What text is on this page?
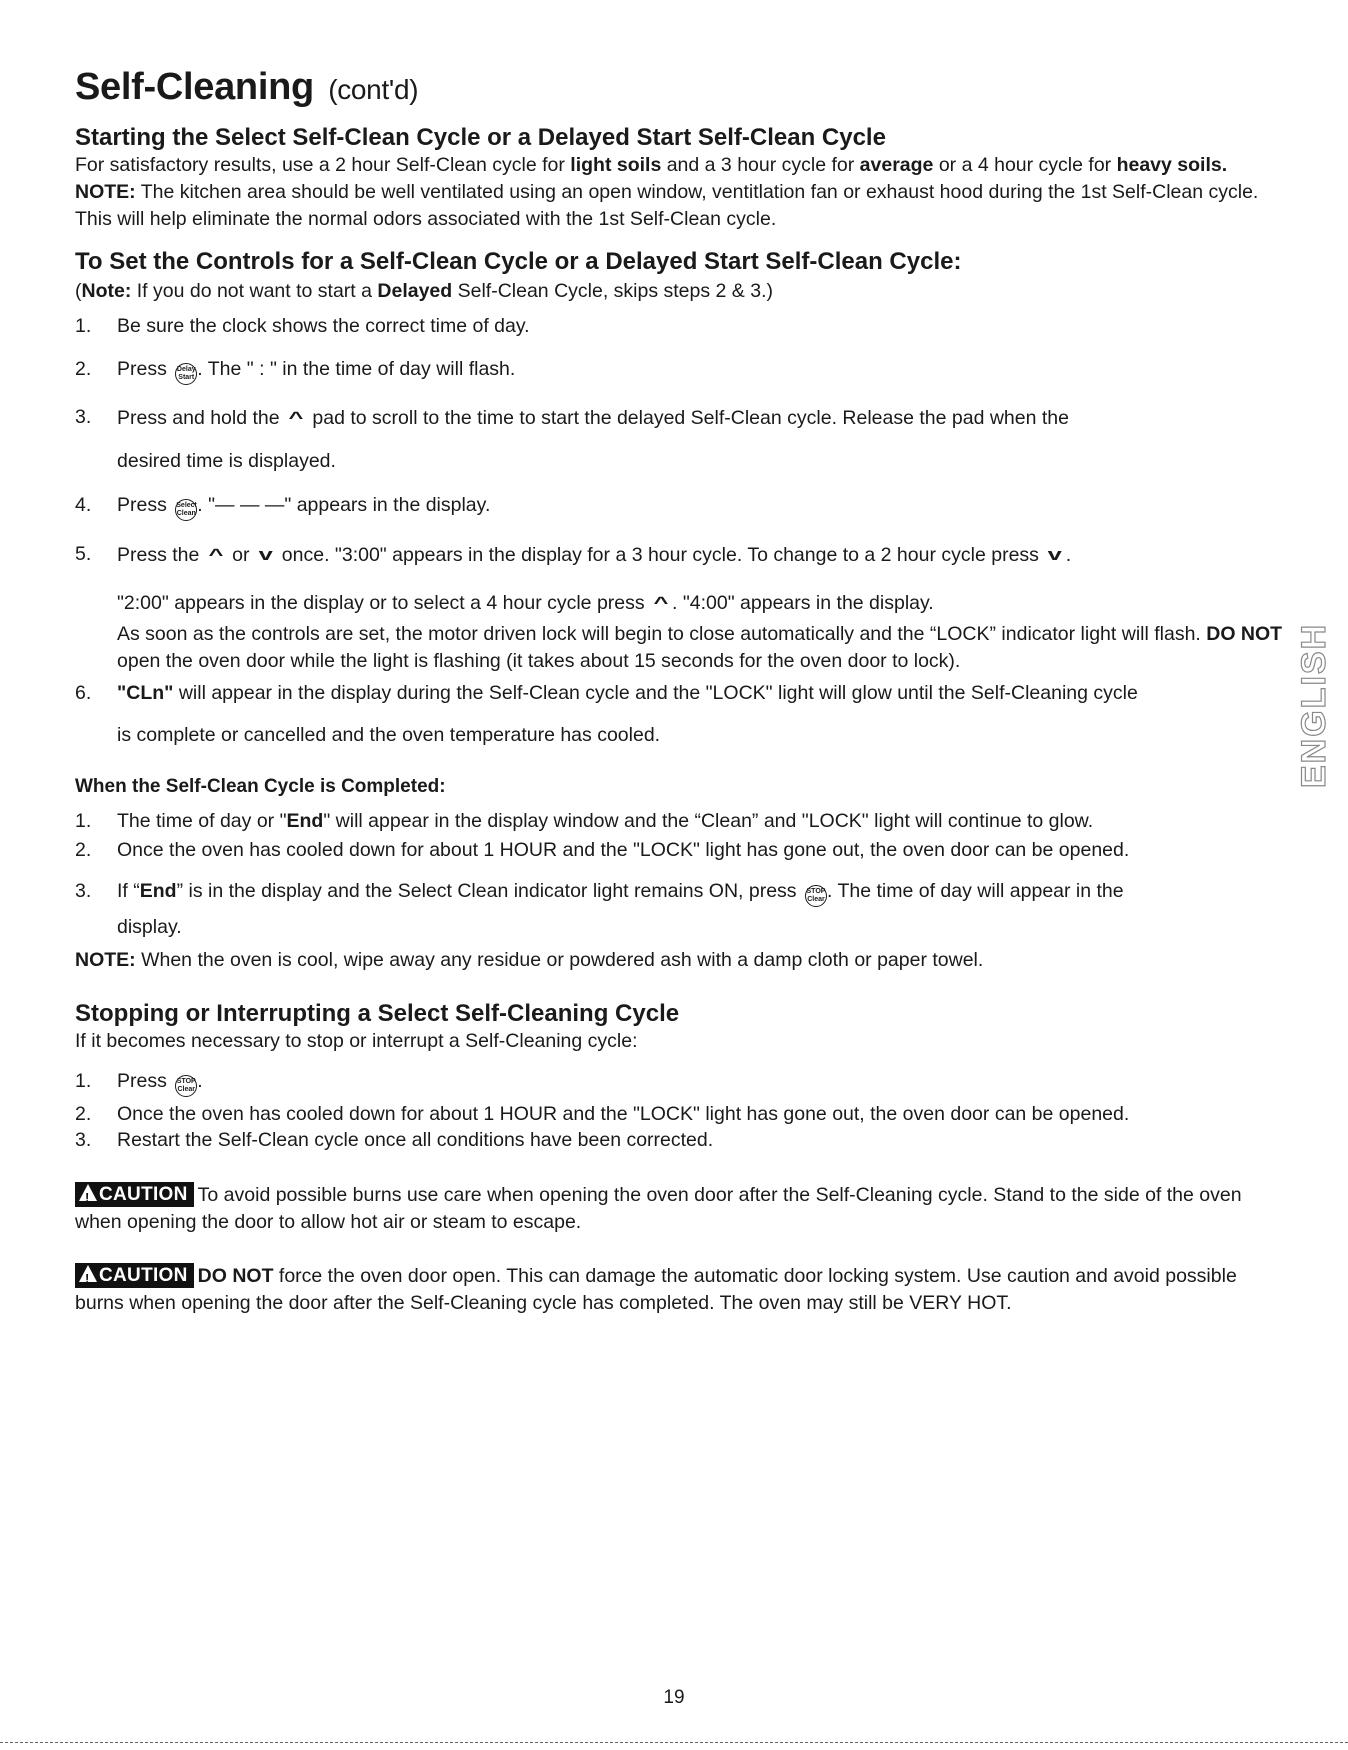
Self-Cleaning (cont'd)
Starting the Select Self-Clean Cycle or a Delayed Start Self-Clean Cycle

For satisfactory results, use a 2 hour Self-Clean cycle for light soils and a 3 hour cycle for average or a 4 hour cycle for heavy soils. NOTE: The kitchen area should be well ventilated using an open window, ventitlation fan or exhaust hood during the 1st Self-Clean cycle. This will help eliminate the normal odors associated with the 1st Self-Clean cycle.

To Set the Controls for a Self-Clean Cycle or a Delayed Start Self-Clean Cycle:

(Note: If you do not want to start a Delayed Self-Clean Cycle, skips steps 2 & 3.)

1. Be sure the clock shows the correct time of day.
2. Press Delay
Start . The " : " in the time of day will flash.
3. Press and hold the ^ pad to scroll to the time to start the delayed Self-Clean cycle. Release the pad when the
desired time is displayed.
4. Press Select
Clean . "— — —" appears in the display.
5. Press the ^ or v once. "3:00" appears in the display for a 3 hour cycle. To change to a 2 hour cycle press v .
"2:00" appears in the display or to select a 4 hour cycle press ^ . "4:00" appears in the display.
As soon as the controls are set, the motor driven lock will begin to close automatically and the “LOCK” indicator light will flash. DO NOT open the oven door while the light is flashing (it takes about 15 seconds for the oven door to lock).
6. "CLn" will appear in the display during the Self-Clean cycle and the "LOCK" light will glow until the Self-Cleaning cycle
is complete or cancelled and the oven temperature has cooled.
When the Self-Clean Cycle is Completed:
1. The time of day or "End" will appear in the display window and the “Clean” and "LOCK" light will continue to glow.
2. Once the oven has cooled down for about 1 HOUR and the "LOCK" light has gone out, the oven door can be opened.
3. If “End” is in the display and the Select Clean indicator light remains ON, press STOP
Clear . The time of day will appear in the
display.

NOTE: When the oven is cool, wipe away any residue or powdered ash with a damp cloth or paper towel.

Stopping or Interrupting a Select Self-Cleaning Cycle

If it becomes necessary to stop or interrupt a Self-Cleaning cycle:

1. Press STOP
Clear .
2. Once the oven has cooled down for about 1 HOUR and the "LOCK" light has gone out, the oven door can be opened.
3. Restart the Self-Clean cycle once all conditions have been corrected.

!CAUTION To avoid possible burns use care when opening the oven door after the Self-Cleaning cycle. Stand to the side of the oven when opening the door to allow hot air or steam to escape.

!CAUTION DO NOT force the oven door open. This can damage the automatic door locking system. Use caution and avoid possible burns when opening the door after the Self-Cleaning cycle has completed. The oven may still be VERY HOT.

ENGLISH
19
